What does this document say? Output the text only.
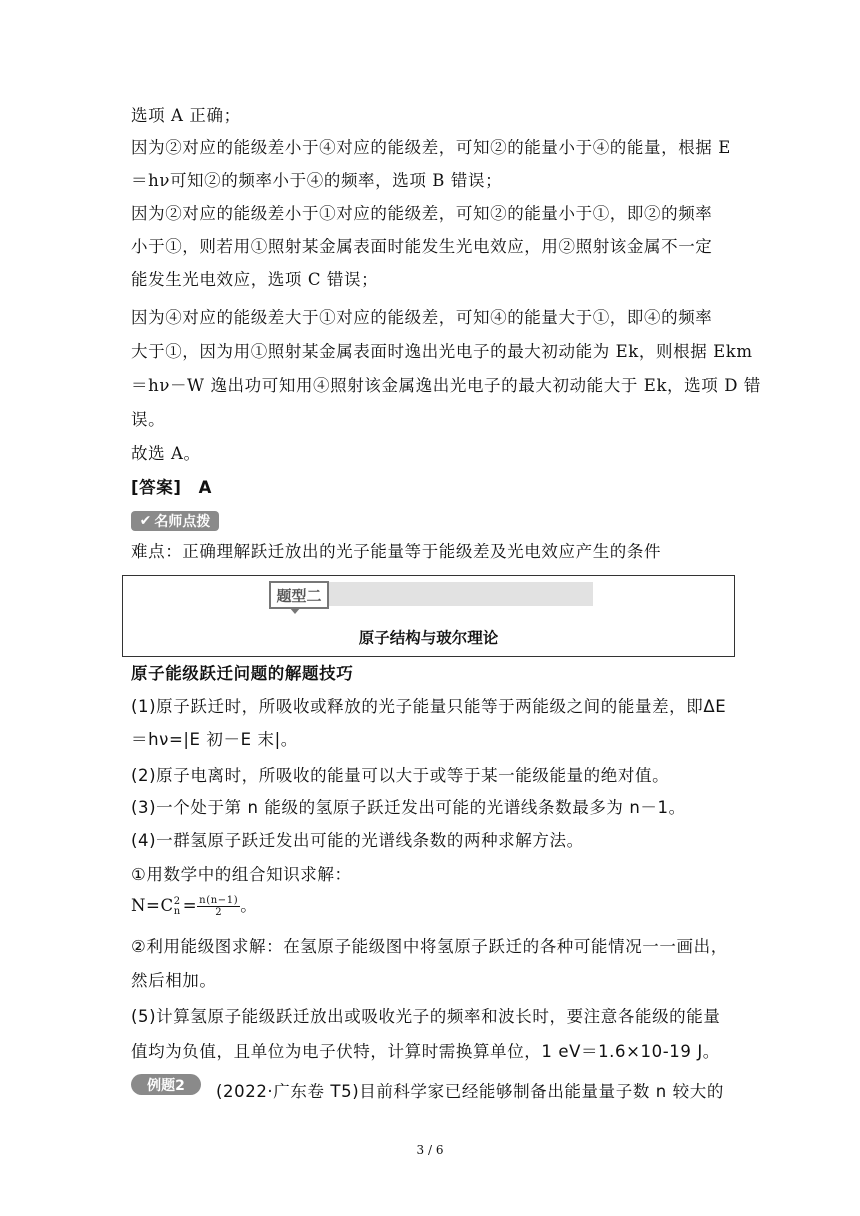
选项 A 正确；
因为②对应的能级差小于④对应的能级差，可知②的能量小于④的能量，根据 E
＝hν可知②的频率小于④的频率，选项 B 错误；
因为②对应的能级差小于①对应的能级差，可知②的能量小于①，即②的频率
小于①，则若用①照射某金属表面时能发生光电效应，用②照射该金属不一定
能发生光电效应，选项 C 错误；
因为④对应的能级差大于①对应的能级差，可知④的能量大于①，即④的频率
大于①，因为用①照射某金属表面时逸出光电子的最大初动能为 Ek，则根据 Ekm
＝hν－W 逸出功可知用④照射该金属逸出光电子的最大初动能大于 Ek，选项 D 错
误。
故选 A。
[答案]　A
✔ 名师点拨
难点：正确理解跃迁放出的光子能量等于能级差及光电效应产生的条件
题型二
原子结构与玻尔理论
原子能级跃迁问题的解题技巧
(1)原子跃迁时，所吸收或释放的光子能量只能等于两能级之间的能量差，即ΔE
＝hν=|E 初－E 末|。
(2)原子电离时，所吸收的能量可以大于或等于某一能级能量的绝对值。
(3)一个处于第 n 能级的氢原子跃迁发出可能的光谱线条数最多为 n－1。
(4)一群氢原子跃迁发出可能的光谱线条数的两种求解方法。
①用数学中的组合知识求解：
N=C 2
$n = \frac{n(n-1)}{2}$ 。
②利用能级图求解：在氢原子能级图中将氢原子跃迁的各种可能情况一一画出，
然后相加。
(5)计算氢原子能级跃迁放出或吸收光子的频率和波长时，要注意各能级的能量
值均为负值，且单位为电子伏特，计算时需换算单位，1 eV＝1.6×10-19 J。
例题2	(2022·广东卷 T5)目前科学家已经能够制备出能量量子数 n 较大的
3 / 6
